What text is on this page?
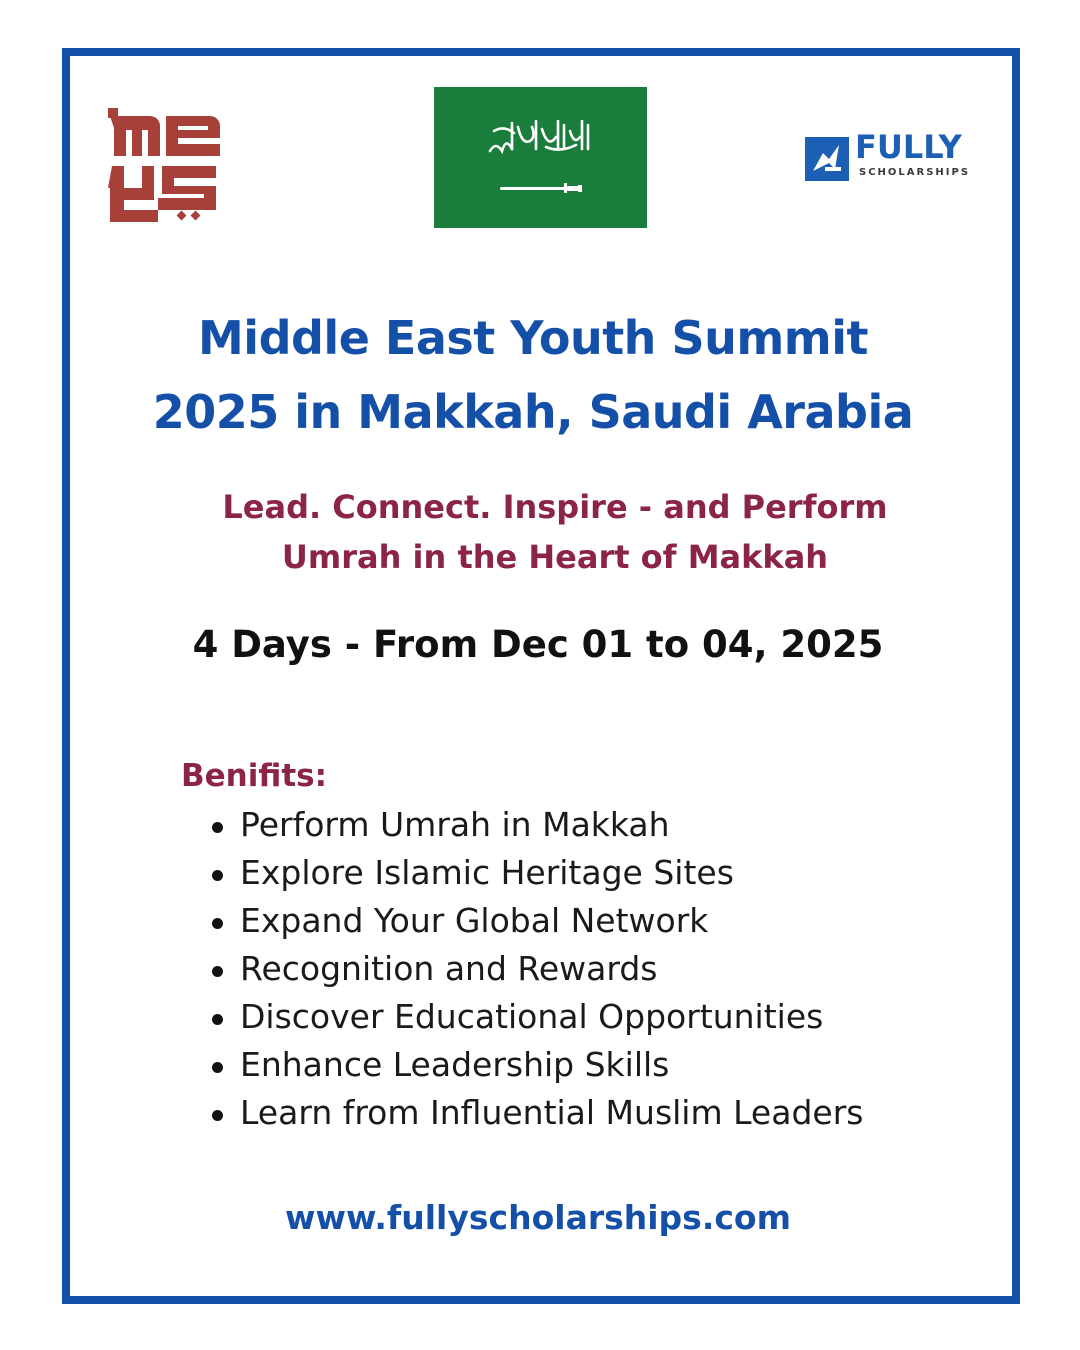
FULLY
SCHOLARSHIPS
Middle East Youth Summit
2025 in Makkah, Saudi Arabia
Lead. Connect. Inspire - and Perform
Umrah in the Heart of Makkah
4 Days - From Dec 01 to 04, 2025
Benifits:
Perform Umrah in Makkah
Explore Islamic Heritage Sites
Expand Your Global Network
Recognition and Rewards
Discover Educational Opportunities
Enhance Leadership Skills
Learn from Influential Muslim Leaders
www.fullyscholarships.com
